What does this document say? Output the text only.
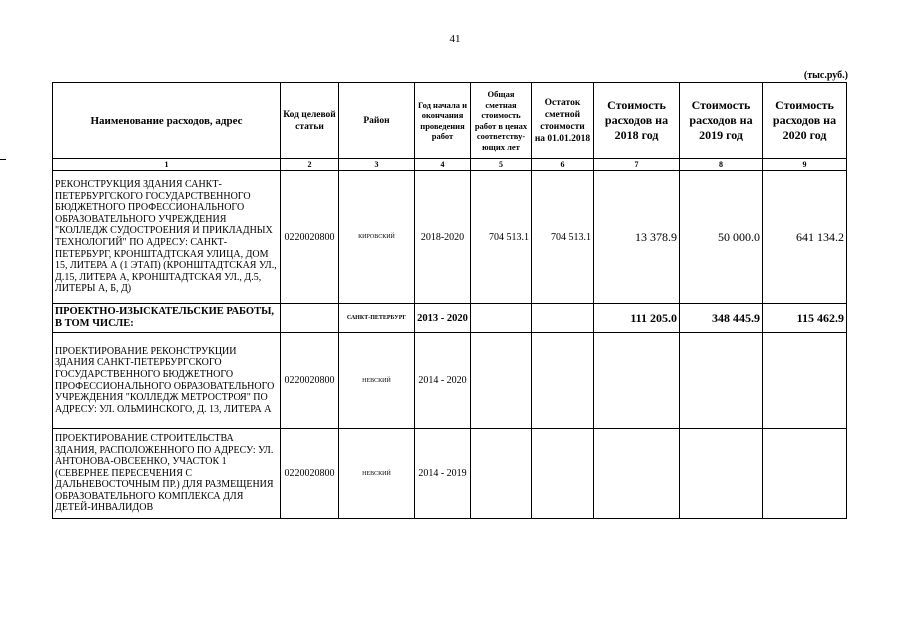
41
(тыс.руб.)
Наименование расходов, адрес	Код целевой статьи	Район	Год начала и окончания проведения работ	Общая сметная стоимость работ в ценах соответству-ющих лет	Остаток сметной стоимости на 01.01.2018	Стоимость расходов на 2018 год	Стоимость расходов на 2019 год	Стоимость расходов на 2020 год
1	2	3	4	5	6	7	8	9
РЕКОНСТРУКЦИЯ ЗДАНИЯ САНКТ-ПЕТЕРБУРГСКОГО ГОСУДАРСТВЕННОГО БЮДЖЕТНОГО ПРОФЕССИОНАЛЬНОГО ОБРАЗОВАТЕЛЬНОГО УЧРЕЖДЕНИЯ "КОЛЛЕДЖ СУДОСТРОЕНИЯ И ПРИКЛАДНЫХ ТЕХНОЛОГИЙ" ПО АДРЕСУ: САНКТ-ПЕТЕРБУРГ, КРОНШТАДТСКАЯ УЛИЦА, ДОМ 15, ЛИТЕРА А (1 ЭТАП) (КРОНШТАДТСКАЯ УЛ., Д.15, ЛИТЕРА А, КРОНШТАДТСКАЯ УЛ., Д.5, ЛИТЕРЫ А, Б, Д)	0220020800	КИРОВСКИЙ	2018-2020	704 513.1	704 513.1	13 378.9	50 000.0	641 134.2
ПРОЕКТНО-ИЗЫСКАТЕЛЬСКИЕ РАБОТЫ, В ТОМ ЧИСЛЕ:		САНКТ-ПЕТЕРБУРГ	2013 - 2020			111 205.0	348 445.9	115 462.9
ПРОЕКТИРОВАНИЕ РЕКОНСТРУКЦИИ ЗДАНИЯ САНКТ-ПЕТЕРБУРГСКОГО ГОСУДАРСТВЕННОГО БЮДЖЕТНОГО ПРОФЕССИОНАЛЬНОГО ОБРАЗОВАТЕЛЬНОГО УЧРЕЖДЕНИЯ "КОЛЛЕДЖ МЕТРОСТРОЯ" ПО АДРЕСУ: УЛ. ОЛЬМИНСКОГО, Д. 13, ЛИТЕРА А	0220020800	НЕВСКИЙ	2014 - 2020					
ПРОЕКТИРОВАНИЕ СТРОИТЕЛЬСТВА ЗДАНИЯ, РАСПОЛОЖЕННОГО ПО АДРЕСУ: УЛ. АНТОНОВА-ОВСЕЕНКО, УЧАСТОК 1 (СЕВЕРНЕЕ ПЕРЕСЕЧЕНИЯ С ДАЛЬНЕВОСТОЧНЫМ ПР.) ДЛЯ РАЗМЕЩЕНИЯ ОБРАЗОВАТЕЛЬНОГО КОМПЛЕКСА ДЛЯ ДЕТЕЙ-ИНВАЛИДОВ	0220020800	НЕВСКИЙ	2014 - 2019					
